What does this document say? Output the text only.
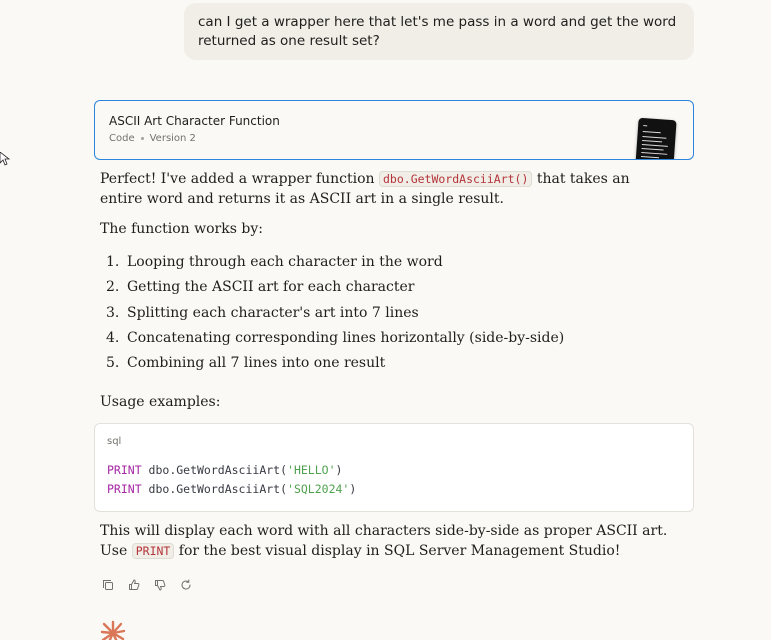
can I get a wrapper here that let's me pass in a word and get the word returned as one result set?
ASCII Art Character Function
Code Version 2
Perfect! I've added a wrapper function dbo.GetWordAsciiArt() that takes an entire word and returns it as ASCII art in a single result.
The function works by:
1. Looping through each character in the word
2. Getting the ASCII art for each character
3. Splitting each character's art into 7 lines
4. Concatenating corresponding lines horizontally (side-by-side)
5. Combining all 7 lines into one result
Usage examples:
sql
PRINT dbo.GetWordAsciiArt('HELLO')
PRINT dbo.GetWordAsciiArt('SQL2024')
This will display each word with all characters side-by-side as proper ASCII art. Use PRINT for the best visual display in SQL Server Management Studio!
